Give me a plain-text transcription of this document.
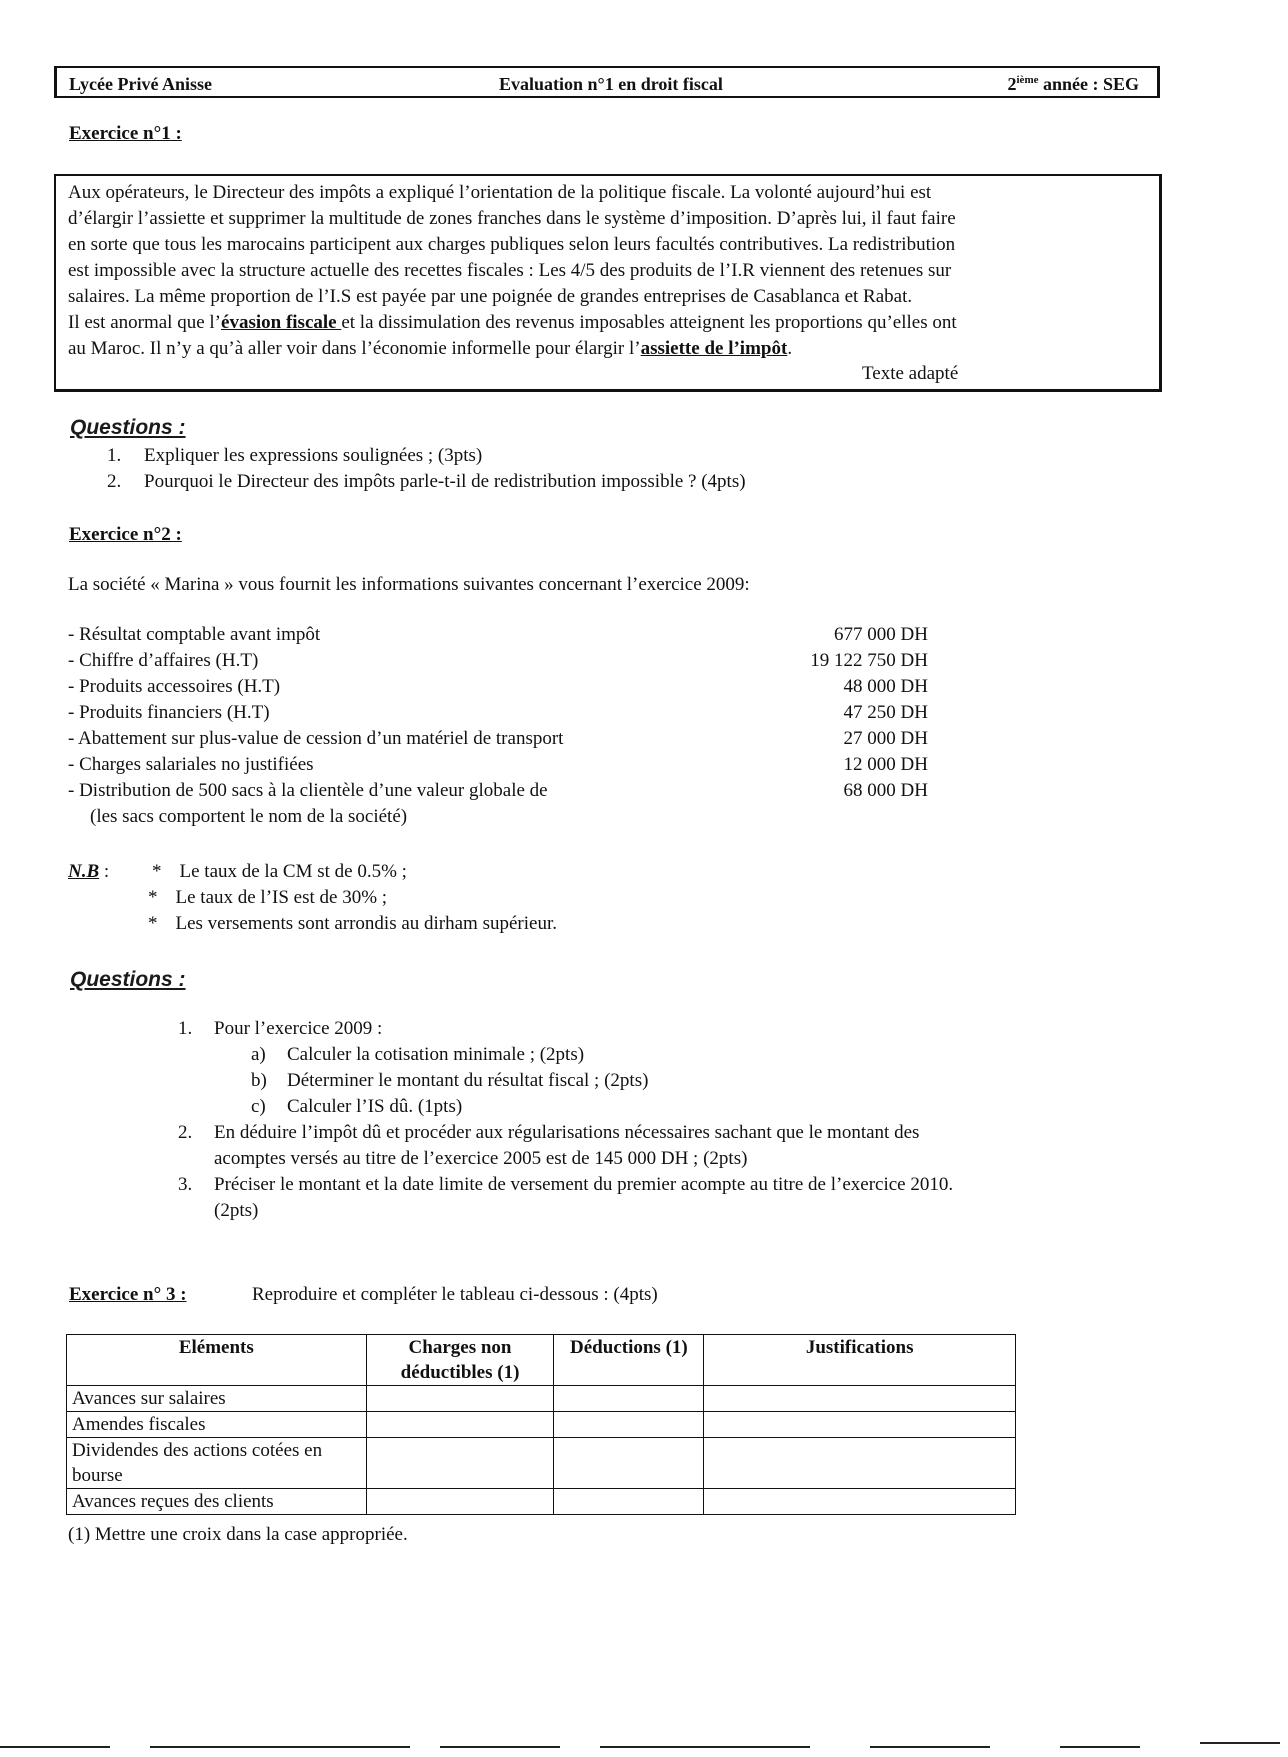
Lycée Privé Anisse	Evaluation n°1 en droit fiscal	2ième année : SEG
Exercice n°1 :

Aux opérateurs, le Directeur des impôts a expliqué l’orientation de la politique fiscale. La volonté aujourd’hui est

d’élargir l’assiette et supprimer la multitude de zones franches dans le système d’imposition. D’après lui, il faut faire

en sorte que tous les marocains participent aux charges publiques selon leurs facultés contributives. La redistribution

est impossible avec la structure actuelle des recettes fiscales : Les 4/5 des produits de l’I.R viennent des retenues sur

salaires. La même proportion de l’I.S est payée par une poignée de grandes entreprises de Casablanca et Rabat.

Il est anormal que l’évasion fiscale et la dissimulation des revenus imposables atteignent les proportions qu’elles ont

au Maroc. Il n’y a qu’à aller voir dans l’économie informelle pour élargir l’assiette de l’impôt.

Texte adapté
Questions :
1. Expliquer les expressions soulignées ; (3pts)
2. Pourquoi le Directeur des impôts parle-t-il de redistribution impossible ? (4pts)
Exercice n°2 :
La société « Marina » vous fournit les informations suivantes concernant l’exercice 2009:
- Résultat comptable avant impôt	677 000 DH
- Chiffre d’affaires (H.T)	19 122 750 DH
- Produits accessoires (H.T)	48 000 DH
- Produits financiers (H.T)	47 250 DH
- Abattement sur plus-value de cession d’un matériel de transport	27 000 DH
- Charges salariales no justifiées	12 000 DH
- Distribution de 500 sacs à la clientèle d’une valeur globale de	68 000 DH
(les sacs comportent le nom de la société)
N.B : * Le taux de la CM st de 0.5% ;
* Le taux de l’IS est de 30% ;
* Les versements sont arrondis au dirham supérieur.
Questions :
1. Pour l’exercice 2009 :
a) Calculer la cotisation minimale ; (2pts)
b) Déterminer le montant du résultat fiscal ; (2pts)
c) Calculer l’IS dû. (1pts)
2. En déduire l’impôt dû et procéder aux régularisations nécessaires sachant que le montant des
acomptes versés au titre de l’exercice 2005 est de 145 000 DH ; (2pts)
3. Préciser le montant et la date limite de versement du premier acompte au titre de l’exercice 2010.
(2pts)
Exercice n° 3 :	Reproduire et compléter le tableau ci-dessous : (4pts)
Eléments	Charges non déductibles (1)	Déductions (1)	Justifications
Avances sur salaires			
Amendes fiscales			
Dividendes des actions cotées en bourse			
Avances reçues des clients			
(1) Mettre une croix dans la case appropriée.
